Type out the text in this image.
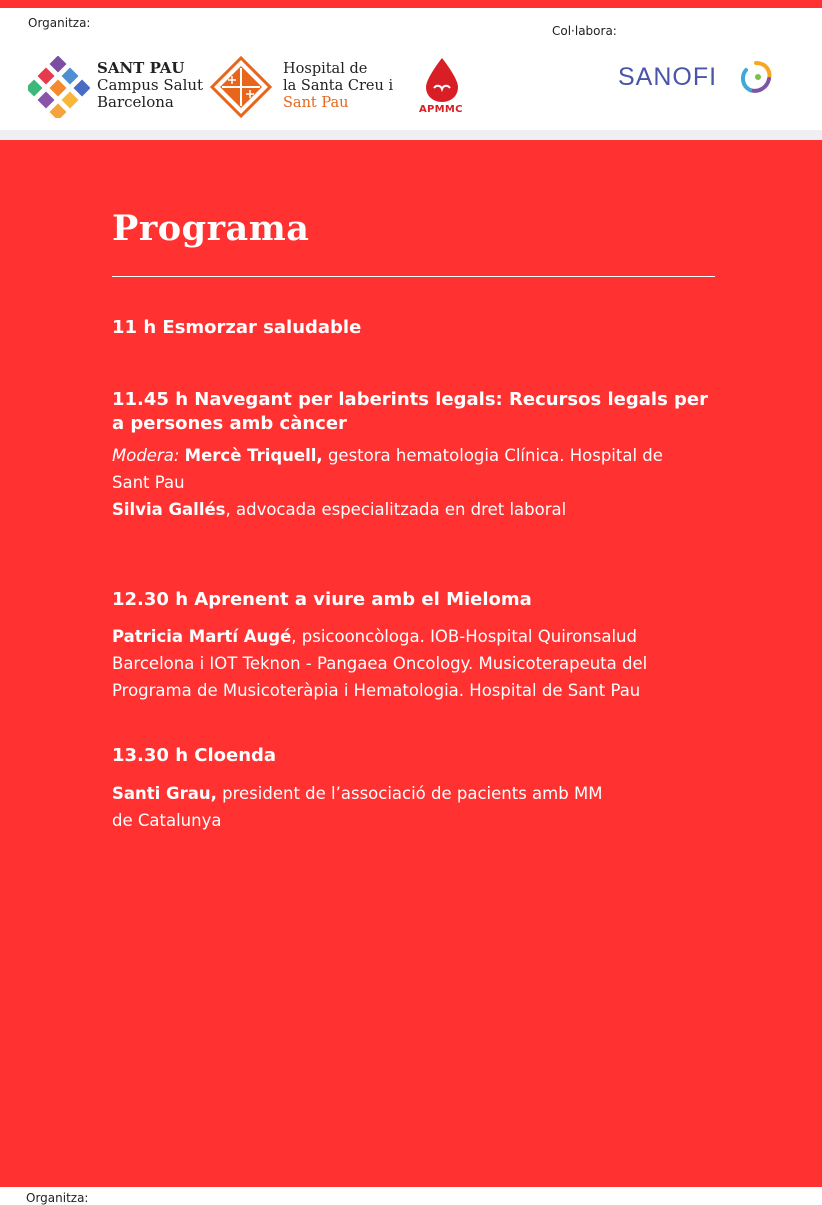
Organitza:
Col·labora:
SANT PAU
Campus Salut
Barcelona
Hospital de
la Santa Creu i
Sant Pau	APMMC
SANOFI
Programa
11 h Esmorzar saludable
11.45 h Navegant per laberints legals: Recursos legals per
a persones amb càncer
Modera: Mercè Triquell, gestora hematologia Clínica. Hospital de
Sant Pau
Silvia Gallés, advocada especialitzada en dret laboral
12.30 h Aprenent a viure amb el Mieloma
Patricia Martí Augé, psicooncòloga. IOB-Hospital Quironsalud
Barcelona i IOT Teknon - Pangaea Oncology. Musicoterapeuta del
Programa de Musicoteràpia i Hematologia. Hospital de Sant Pau
13.30 h Cloenda
Santi Grau, president de l’associació de pacients amb MM
de Catalunya
Organitza:
